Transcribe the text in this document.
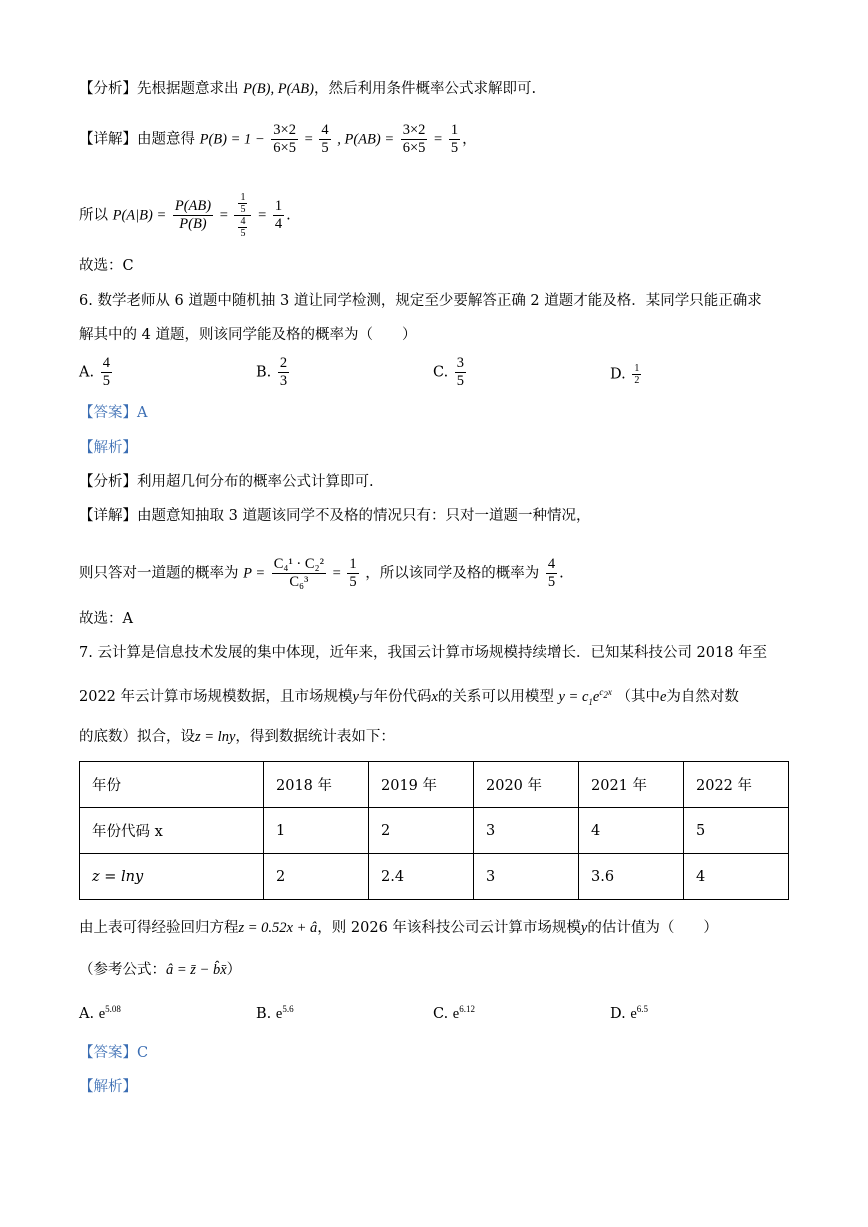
【分析】先根据题意求出 P(B), P(AB)，然后利用条件概率公式求解即可.
【详解】由题意得 $P(B) = 1 - \frac{3\times 2}{6\times 5} = \frac{4}{5}$ , $P(AB) = \frac{3\times 2}{6\times 5} = \frac{1}{5}$ ，
所以 $P(A|B) = \frac{P(AB)}{P(B)} = \frac{\frac{1}{5}}{\frac{4}{5}} = \frac{1}{4}$ .
故选：C
6. 数学老师从 6 道题中随机抽 3 道让同学检测，规定至少要解答正确 2 道题才能及格．某同学只能正确求
解其中的 4 道题，则该同学能及格的概率为（　　）
A. $\frac{4}{5}$	B. $\frac{2}{3}$	C. $\frac{3}{5}$	D. $\frac{1}{2}$
【答案】A
【解析】
【分析】利用超几何分布的概率公式计算即可.
【详解】由题意知抽取 3 道题该同学不及格的情况只有：只对一道题一种情况，
则只答对一道题的概率为 $P = \frac{\text{C₄¹ · C₂²}}{\text{C₆³}} = \frac{1}{5}$ ，所以该同学及格的概率为 $\frac{4}{5}$ .
故选：A
7. 云计算是信息技术发展的集中体现，近年来，我国云计算市场规模持续增长．已知某科技公司 2018 年至
2022 年云计算市场规模数据，且市场规模y与年份代码x的关系可以用模型 $y = c_1e^{c_2x}$ （其中e为自然对数
的底数）拟合，设z = lny，得到数据统计表如下：
年份	2018 年	2019 年	2020 年	2021 年	2022 年
年份代码 x	1	2	3	4	5
z = lny	2	2.4	3	3.6	4
由上表可得经验回归方程z = 0.52x + â，则 2026 年该科技公司云计算市场规模y的估计值为（　　）
（参考公式：â = z̄ − b̂x̄）
A. $e^{5.08}$	B. $e^{5.6}$	C. $e^{6.12}$	D. $e^{6.5}$
【答案】C
【解析】
